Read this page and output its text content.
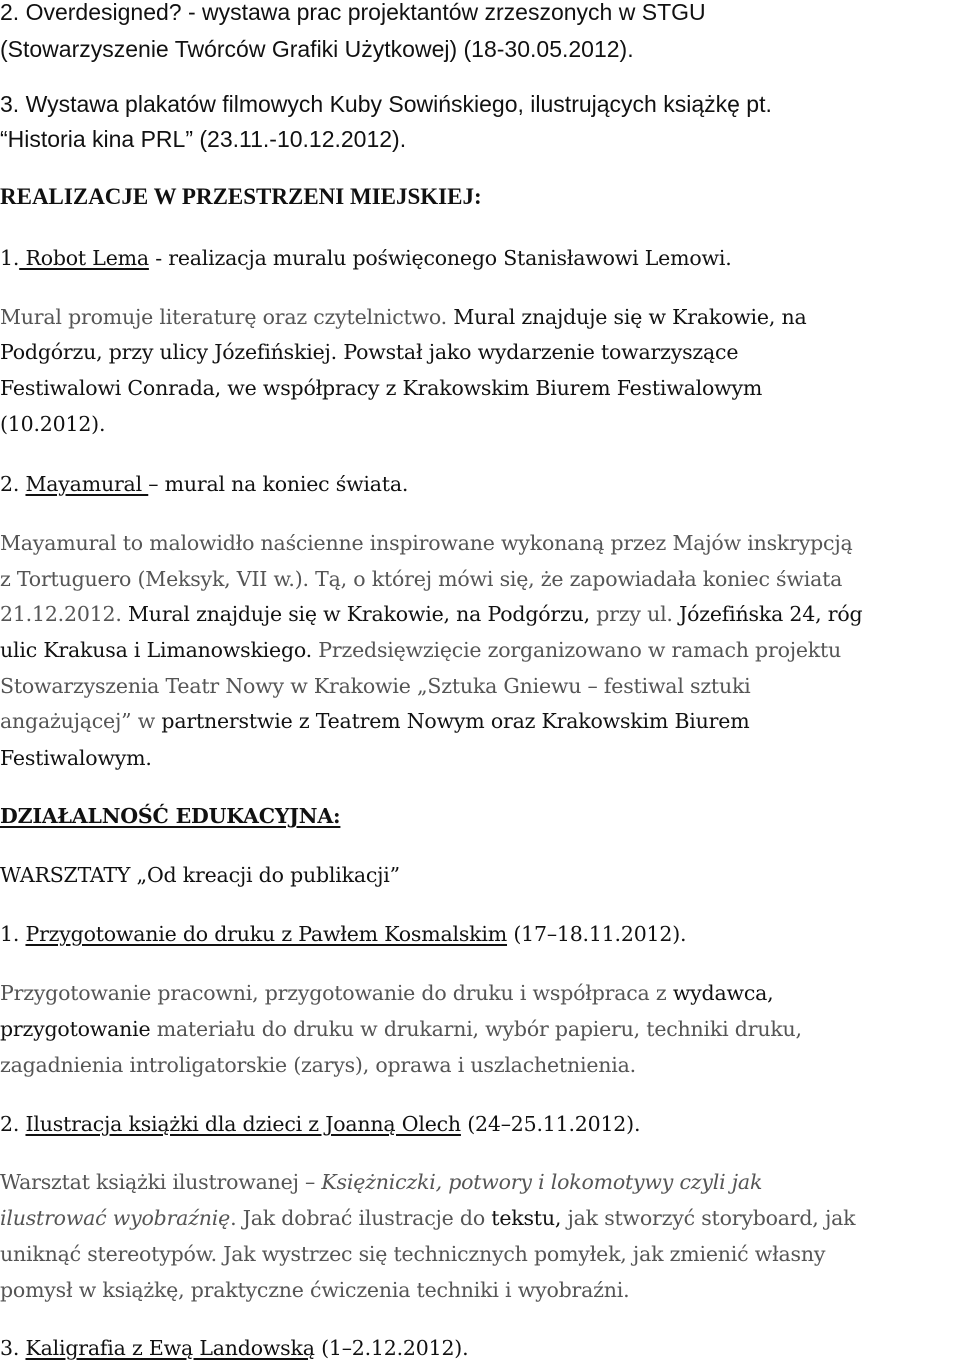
2. Overdesigned? - wystawa prac projektantów zrzeszonych w STGU
(Stowarzyszenie Twórców Grafiki Użytkowej) (18-30.05.2012).
3. Wystawa plakatów filmowych Kuby Sowińskiego, ilustrujących książkę pt.
“Historia kina PRL” (23.11.-10.12.2012).
REALIZACJE W PRZESTRZENI MIEJSKIEJ:
1. Robot Lema - realizacja muralu poświęconego Stanisławowi Lemowi.
Mural promuje literaturę oraz czytelnictwo. Mural znajduje się w Krakowie, na
Podgórzu, przy ulicy Józefińskiej. Powstał jako wydarzenie towarzyszące
Festiwalowi Conrada, we współpracy z Krakowskim Biurem Festiwalowym
(10.2012).
2. Mayamural – mural na koniec świata.
Mayamural to malowidło naścienne inspirowane wykonaną przez Majów inskrypcją
z Tortuguero (Meksyk, VII w.). Tą, o której mówi się, że zapowiadała koniec świata
21.12.2012. Mural znajduje się w Krakowie, na Podgórzu, przy ul. Józefińska 24, róg
ulic Krakusa i Limanowskiego. Przedsięwzięcie zorganizowano w ramach projektu
Stowarzyszenia Teatr Nowy w Krakowie „Sztuka Gniewu – festiwal sztuki
angażującej” w partnerstwie z Teatrem Nowym oraz Krakowskim Biurem
Festiwalowym.
DZIAŁALNOŚĆ EDUKACYJNA:
WARSZTATY „Od kreacji do publikacji”
1. Przygotowanie do druku z Pawłem Kosmalskim (17–18.11.2012).
Przygotowanie pracowni, przygotowanie do druku i współpraca z wydawca,
przygotowanie materiału do druku w drukarni, wybór papieru, techniki druku,
zagadnienia introligatorskie (zarys), oprawa i uszlachetnienia.
2. Ilustracja książki dla dzieci z Joanną Olech (24–25.11.2012).
Warsztat książki ilustrowanej – Księżniczki, potwory i lokomotywy czyli jak
ilustrować wyobraźnię. Jak dobrać ilustracje do tekstu, jak stworzyć storyboard, jak
uniknąć stereotypów. Jak wystrzec się technicznych pomyłek, jak zmienić własny
pomysł w książkę, praktyczne ćwiczenia techniki i wyobraźni.
3. Kaligrafia z Ewą Landowską (1–2.12.2012).
